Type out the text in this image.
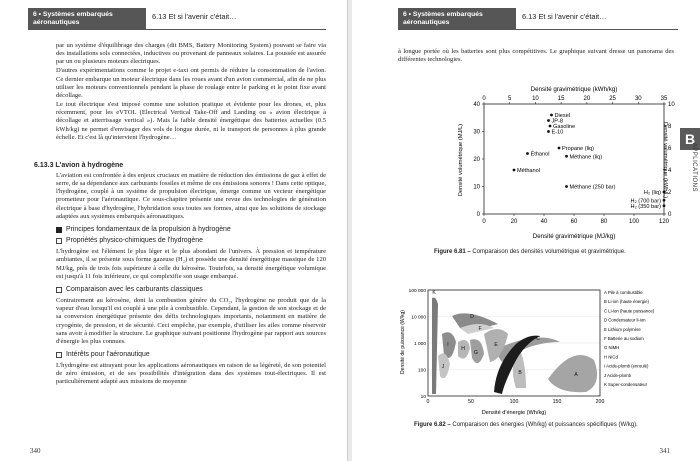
6 • Systèmes embarqués aéronautiques
6.13 Et si l'avenir c'était…

par un système d'équilibrage des charges (dit BMS, Battery Monitoring System) pouvant se faire via des installations sols connectées, inductives ou provenant de panneaux solaires. La poussée est assurée par un ou plusieurs moteurs électriques.

D'autres expérimentations comme le projet e-taxi ont permis de réduire la consommation de l'avion. Ce dernier embarque un moteur électrique dans les roues avant d'un avion commercial, afin de ne plus utiliser les moteurs conventionnels pendant la phase de roulage entre le parking et le point fixe avant décollage.

Le tout électrique s'est imposé comme une solution pratique et évidente pour les drones, et, plus récemment, pour les eVTOL (Electrical Vertical Take-Off and Landing ou « avion électrique à décollage et atterrissage vertical »). Mais la faible densité énergétique des batteries actuelles (0.5 kWh/kg) ne permet d'envisager des vols de longue durée, ni le transport de personnes à plus grande échelle. Et c'est là qu'intervient l'hydrogène…

6.13.3 L'avion à hydrogène

L'aviation est confrontée à des enjeux cruciaux en matière de réduction des émissions de gaz à effet de serre, de sa dépendance aux carburants fossiles et même de ces émissions sonores ! Dans cette optique, l'hydrogène, couplé à un système de propulsion électrique, émerge comme un vecteur énergétique prometteur pour l'aéronautique. Ce sous-chapitre présente une revue des technologies de génération électrique à base d'hydrogène, l'hybridation sous toutes ses formes, ainsi que les solutions de stockage adaptées aux systèmes embarqués aéronautiques.

Principes fondamentaux de la propulsion à hydrogène
Propriétés physico-chimiques de l'hydrogène

L'hydrogène est l'élément le plus léger et le plus abondant de l'univers. À pression et température ambiantes, il se présente sous forme gazeuse (H₂) et possède une densité énergétique massique de 120 MJ/kg, près de trois fois supérieure à celle du kérosène. Toutefois, sa densité énergétique volumique est jusqu'à 11 fois inférieure, ce qui complexifie son usage embarqué.

Comparaison avec les carburants classiques

Contrairement au kérosène, dont la combustion génère du CO₂, l'hydrogène ne produit que de la vapeur d'eau lorsqu'il est couplé à une pile à combustible. Cependant, la gestion de son stockage et de sa conversion énergétique présente des défis technologiques importants, notamment en matière de cryogénie, de pression, et de sécurité. Ceci empêche, par exemple, d'utiliser les ailes comme réservoir sans avoir à modifier la structure. Le graphique suivant positionne l'hydrogène par rapport aux sources d'énergie les plus connues.

Intérêts pour l'aéronautique

L'hydrogène est attrayant pour les applications aéronautiques en raison de sa légèreté, de son potentiel de zéro émission, et de ses possibilités d'intégration dans des systèmes tout-électriques. Il est particulièrement adapté aux missions de moyenne

340
6 • Systèmes embarqués aéronautiques
6.13 Et si l'avenir c'était…
à longue portée où les batteries sont plus compétitives. Le graphique suivant dresse un panorama des différentes technologies.
B
APPLICATIONS
Densité gravimétrique (kWh/kg)
0	5	10	15	20	25	30	35
0
10
20
30
40
0
2
4
6
8
10
0	20	40	60	80	100	120
Diesel
JP-8
Gasoline
E-10
Éthanol
Propane (liq)
Méthane (liq)
Méthanol
Méthane (250 bar)
H₂ (liq)
H₂ (700 bar)
H₂ (350 bar)
Densité gravimétrique (MJ/kg)
Densité volumétrique (MJ/L)	Densité volumétrique (kWh/L)
Figure 6.81 – Comparaison des densités volumétrique et gravimétrique.
100 000
10 000
1 000
100
10
A
B
C
D
E
F
G
H
I
J
K
0	50	100	150	200
Densité d'énergie (Wh/kg)
Densité de puissance (W/kg)
A Pile à combustible
B Li-ion (haute énergie)
C Li-ion (haute puissance)
D Condensateur li-ion
E Lithium polymère
F Batterie au sodium
G NiMH
H NiCd
I Acide-plomb (enroulé)
J Acide-plomb
K Super-condensateur
Figure 6.82 – Comparaison des énergies (Wh/kg) et puissances spécifiques (W/kg).
341
